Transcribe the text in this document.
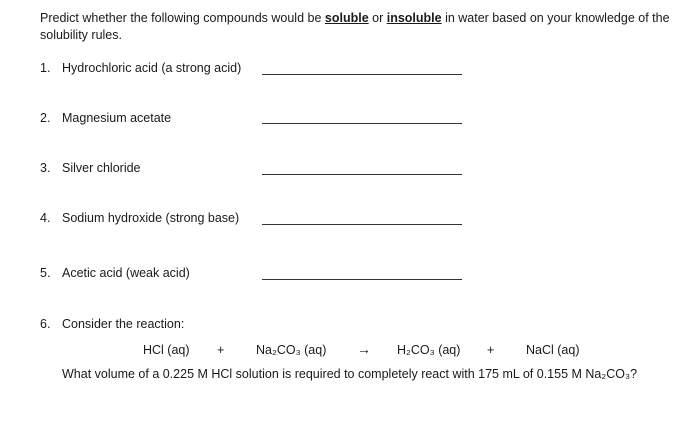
Predict whether the following compounds would be soluble or insoluble in water based on your knowledge of the solubility rules.
1. Hydrochloric acid (a strong acid)
2. Magnesium acetate
3. Silver chloride
4. Sodium hydroxide (strong base)
5. Acetic acid (weak acid)
6. Consider the reaction:
HCl (aq) +	Na₂CO₃ (aq) → H₂CO₃ (aq) +	NaCl (aq)
What volume of a 0.225 M HCl solution is required to completely react with 175 mL of 0.155 M Na₂CO₃?
